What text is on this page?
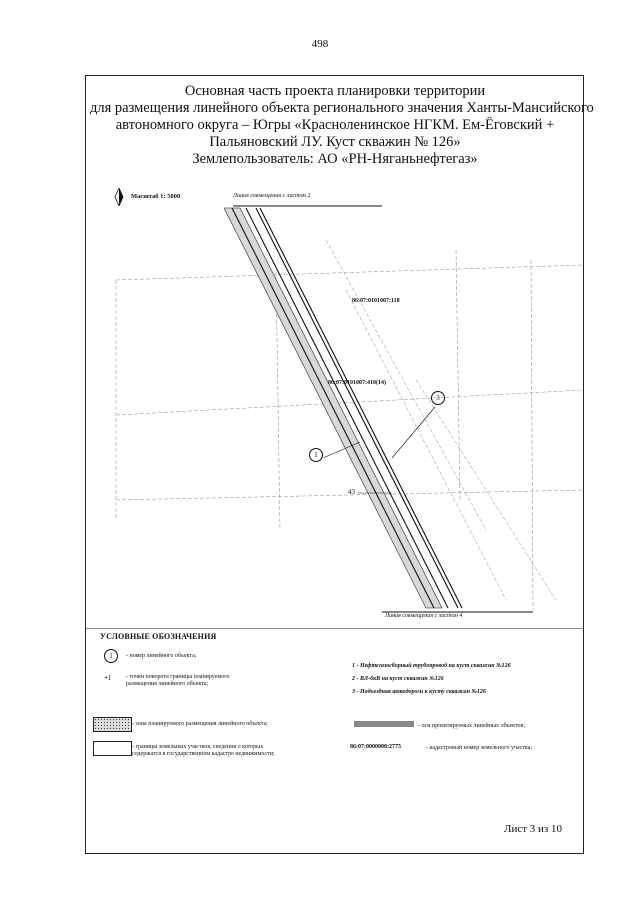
498
Основная часть проекта планировки территории
для размещения линейного объекта регионального значения Ханты-Мансийского
автономного округа – Югры «Красноленинское НГКМ. Ем-Ёговский +
Пальяновский ЛУ. Куст скважин № 126»
Землепользователь: АО «РН-Няганьнефтегаз»
Масштаб 1: 5000	Линия совмещения с листом 2
86:07:0101007:118
86:07:0101007:410(14)
1
3
43
Линия совмещения с листом 4
УСЛОВНЫЕ ОБОЗНАЧЕНИЯ
1	- номер линейного объекта;
•1	- точки поворота границы планируемого
размещения линейного объекта;
1 - Нефтегазосборный трубопровод на куст скважин №126
2 - ВЛ-6кВ на куст скважин №126
3 - Подъездная автодороги к кусту скважин №126
- зона планируемого размещения линейного объекта;	- оси проектируемых линейных объектов;
- границы земельных участков, сведения о которых
содержатся в государственном кадастре недвижимости;
86:07:0000000:2775	- кадастровый номер земельного участка;
Лист 3 из 10
